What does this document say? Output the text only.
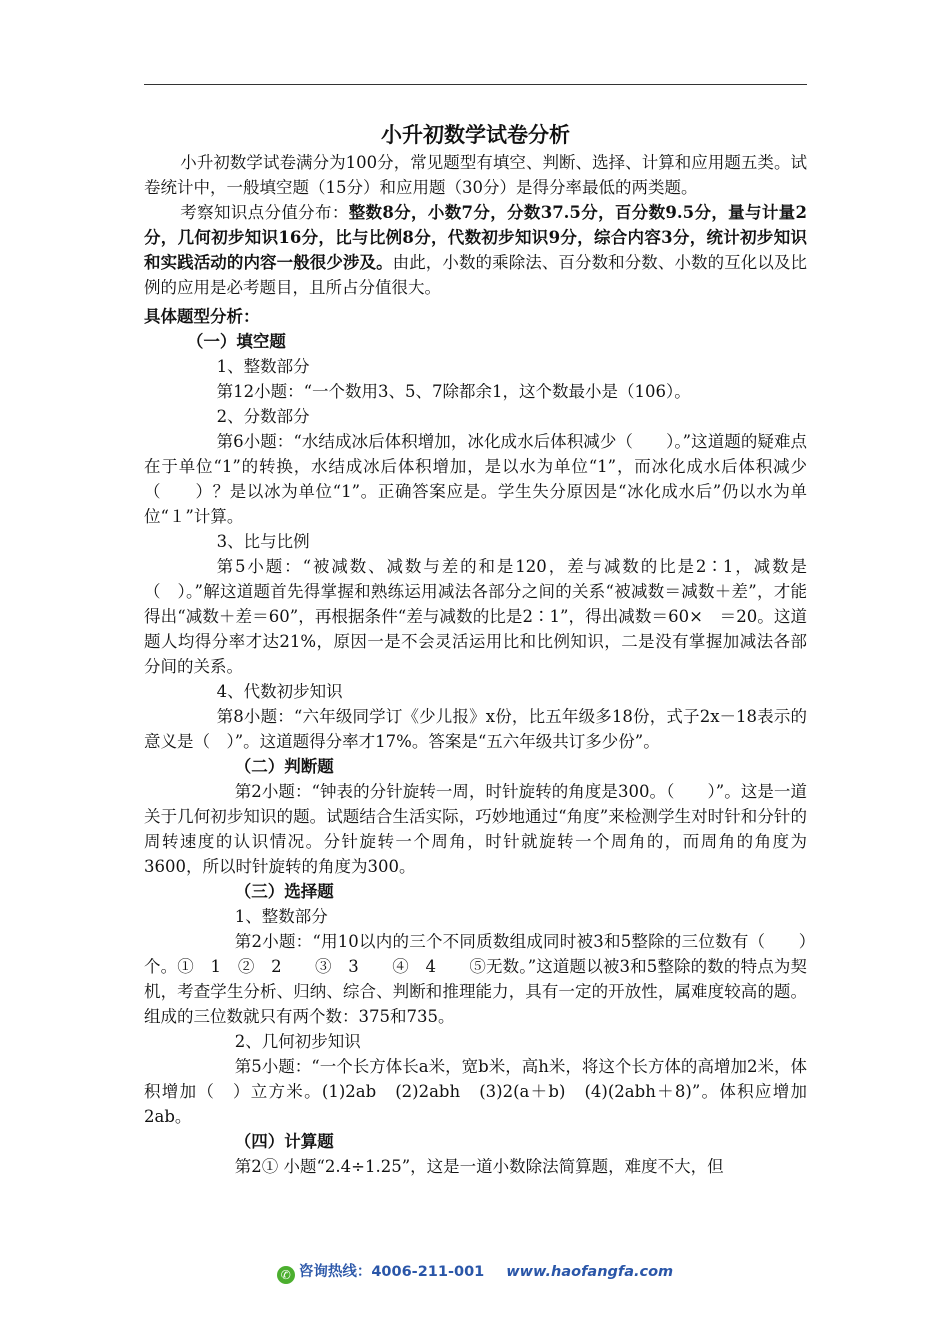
小升初数学试卷分析

小升初数学试卷满分为100分，常见题型有填空、判断、选择、计算和应用题五类。试卷统计中，一般填空题（15分）和应用题（30分）是得分率最低的两类题。

考察知识点分值分布：整数8分，小数7分，分数37.5分，百分数9.5分，量与计量2分，几何初步知识16分，比与比例8分，代数初步知识9分，综合内容3分，统计初步知识和实践活动的内容一般很少涉及。由此，小数的乘除法、百分数和分数、小数的互化以及比例的应用是必考题目，且所占分值很大。

具体题型分析：

（一）填空题

1、整数部分

第12小题：“一个数用3、5、7除都余1，这个数最小是（106）。

2、分数部分

第6小题：“水结成冰后体积增加，冰化成水后体积减少（　　）。”这道题的疑难点在于单位“1”的转换，水结成冰后体积增加，是以水为单位“1”，而冰化成水后体积减少（　　）？是以冰为单位“1”。正确答案应是。学生失分原因是“冰化成水后”仍以水为单位“１”计算。

3、比与比例

第5小题：“被减数、减数与差的和是120，差与减数的比是2∶1，减数是（　）。”解这道题首先得掌握和熟练运用减法各部分之间的关系“被减数＝减数＋差”，才能得出“减数＋差＝60”，再根据条件“差与减数的比是2∶1”，得出减数＝60×　＝20。这道题人均得分率才达21%，原因一是不会灵活运用比和比例知识，二是没有掌握加减法各部分间的关系。

4、代数初步知识

第8小题：“六年级同学订《少儿报》x份，比五年级多18份，式子2x－18表示的意义是（　）”。这道题得分率才17%。答案是“五六年级共订多少份”。

（二）判断题

第2小题：“钟表的分针旋转一周，时针旋转的角度是300。（　　）”。这是一道关于几何初步知识的题。试题结合生活实际，巧妙地通过“角度”来检测学生对时针和分针的周转速度的认识情况。分针旋转一个周角，时针就旋转一个周角的，而周角的角度为3600，所以时针旋转的角度为300。

（三）选择题

1、整数部分

第2小题：“用10以内的三个不同质数组成同时被3和5整除的三位数有（　　）个。①　1　②　2　　③　3　　④　4　　⑤无数。”这道题以被3和5整除的数的特点为契机，考查学生分析、归纳、综合、判断和推理能力，具有一定的开放性，属难度较高的题。组成的三位数就只有两个数：375和735。

2、几何初步知识

第5小题：“一个长方体长a米，宽b米，高h米，将这个长方体的高增加2米，体积增加（　）立方米。(1)2ab　(2)2abh　(3)2(a＋b)　(4)(2abh＋8)”。体积应增加2ab。

（四）计算题

第2① 小题“2.4÷1.25”，这是一道小数除法简算题，难度不大，但

✆ 咨询热线：4006-211-001 www.haofangfa.com
